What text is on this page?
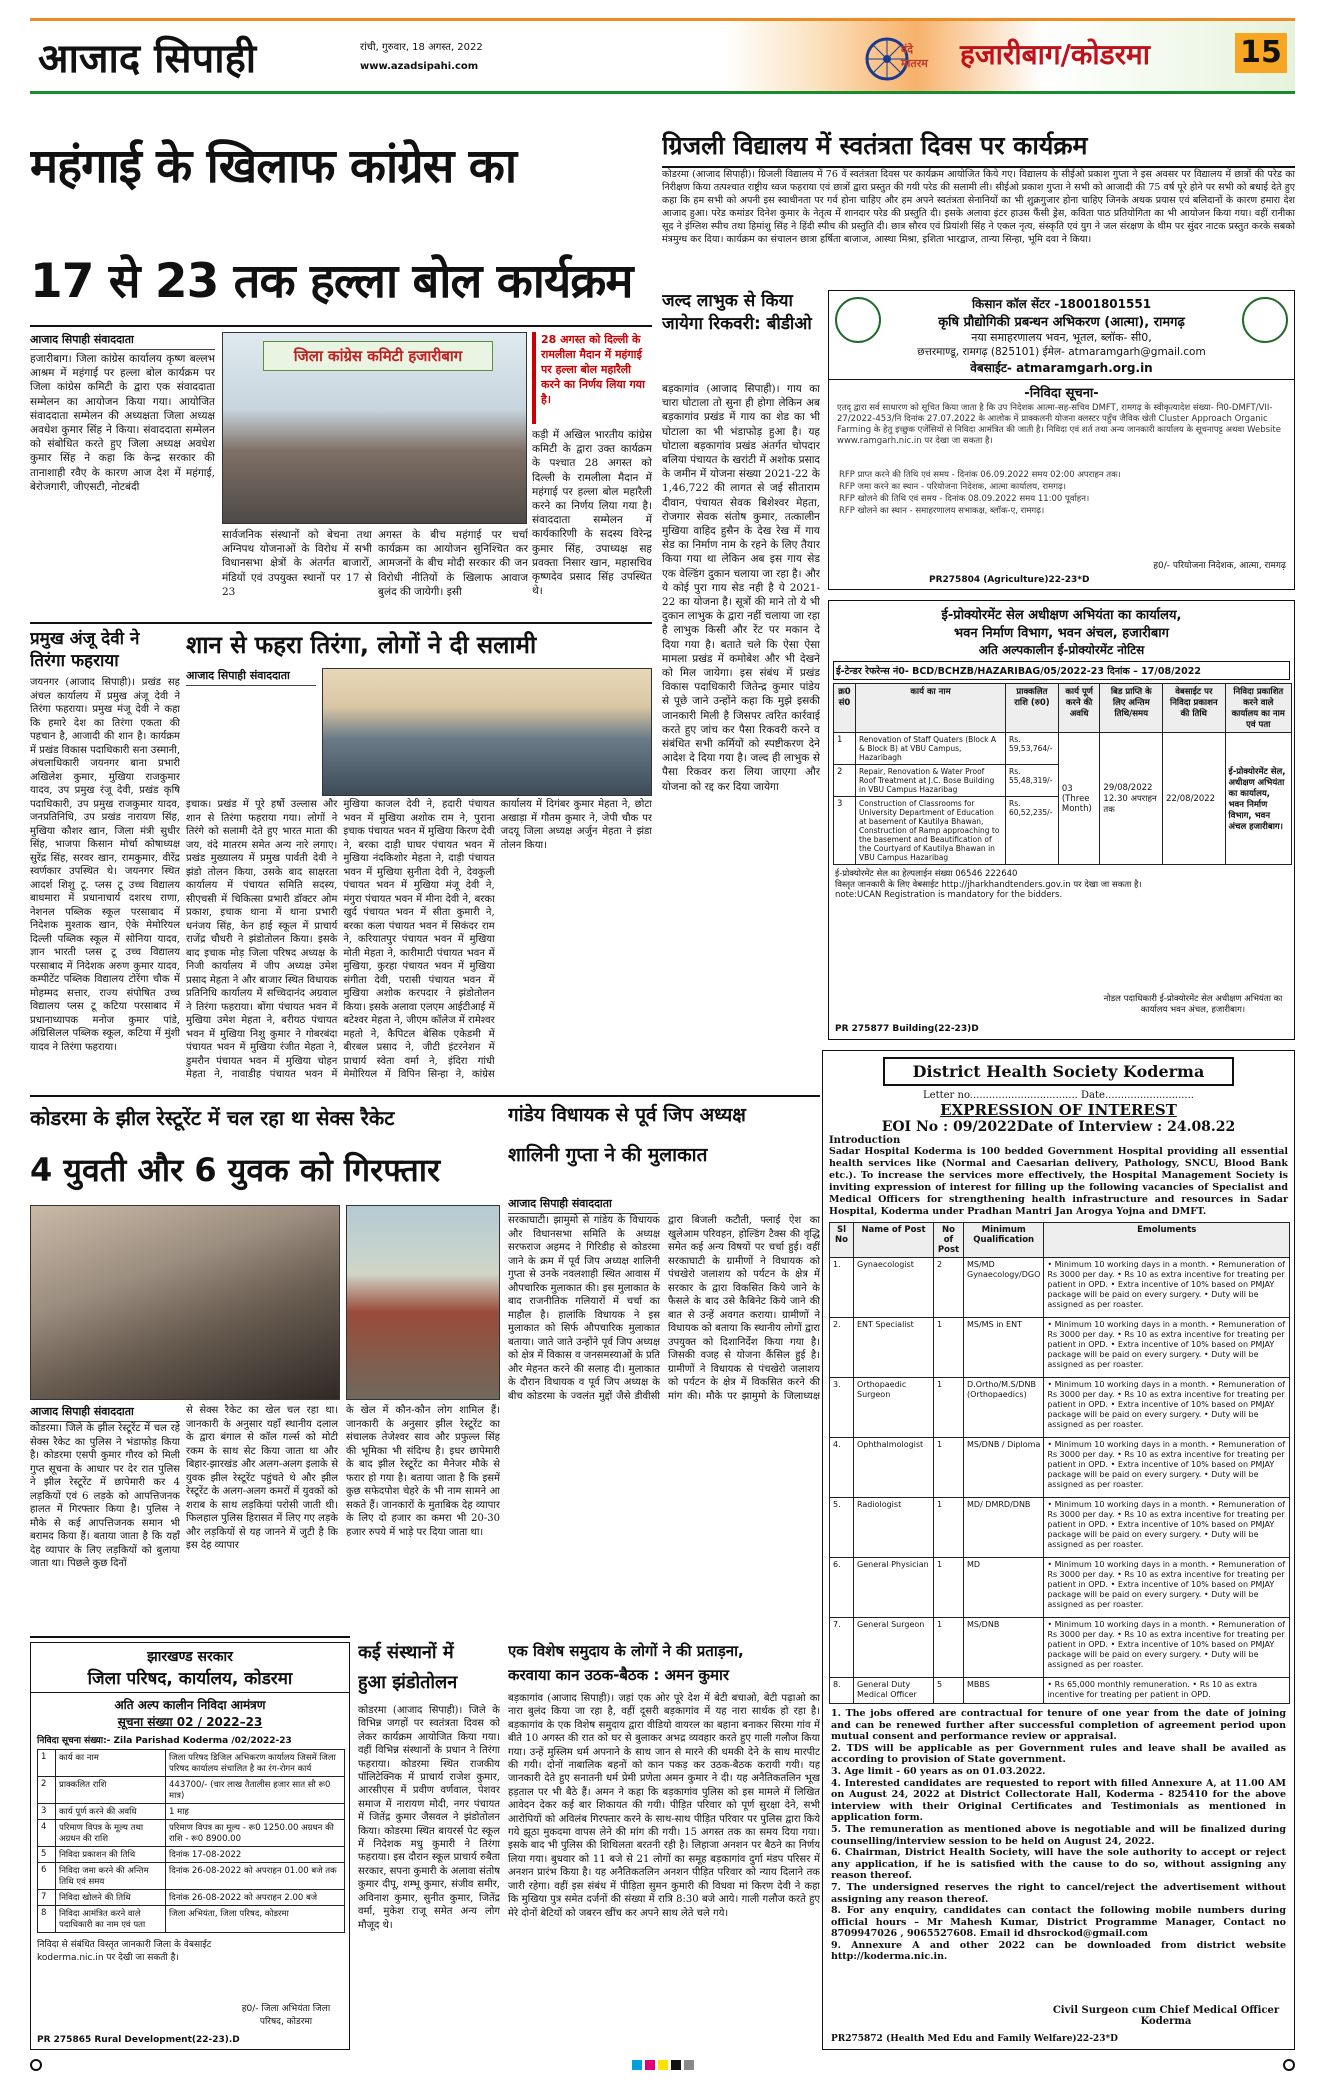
आजाद सिपाही	रांची, गुरुवार, 18 अगस्त, 2022
www.azadsipahi.com
वंदे मातरम	हजारीबाग/कोडरमा	15
महंगाई के खिलाफ कांग्रेस का
17 से 23 तक हल्ला बोल कार्यक्रम
आजाद सिपाही संवाददाता
हजारीबाग। जिला कांग्रेस कार्यालय कृष्ण बल्लभ आश्रम में महंगाई पर हल्ला बोल कार्यक्रम पर जिला कांग्रेस कमिटी के द्वारा एक संवाददाता सम्मेलन का आयोजन किया गया। आयोजित संवाददाता सम्मेलन की अध्यक्षता जिला अध्यक्ष अवधेश कुमार सिंह ने किया। संवाददाता सम्मेलन को संबोधित करते हुए जिला अध्यक्ष अवधेश कुमार सिंह ने कहा कि केन्द्र सरकार की तानाशाही रवैए के कारण आज देश में महंगाई, बेरोजगारी, जीएसटी, नोटबंदी
जिला कांग्रेस कमिटी हजारीबाग
28 अगस्त को दिल्ली के रामलीला मैदान में महंगाई पर हल्ला बोल महारैली करने का निर्णय लिया गया है।
सार्वजनिक संस्थानों को बेचना तथा अग्निपथ योजनाओं के विरोध में सभी विधानसभा क्षेत्रों के अंतर्गत बाजारों, मंडियों एवं उपयुक्त स्थानों पर 17 से 23
अगस्त के बीच महंगाई पर चर्चा कार्यक्रम का आयोजन सुनिश्चित कर आमजनों के बीच मोदी सरकार की जन विरोधी नीतियों के खिलाफ आवाज बुलंद की जायेगी। इसी
कड़ी में अखिल भारतीय कांग्रेस कमिटी के द्वारा उक्त कार्यक्रम के पश्चात 28 अगस्त को दिल्ली के रामलीला मैदान में महंगाई पर हल्ला बोल महारैली करने का निर्णय लिया गया है। संवाददाता सम्मेलन में कार्यकारिणी के सदस्य विरेन्द्र कुमार सिंह, उपाध्यक्ष सह प्रवक्ता निसार खान, महासचिव कृष्णदेव प्रसाद सिंह उपस्थित थे।
ग्रिजली विद्यालय में स्वतंत्रता दिवस पर कार्यक्रम
कोडरमा (आजाद सिपाही)। ग्रिजली विद्यालय में 76 वें स्वतंत्रता दिवस पर कार्यक्रम आयोजित किये गए। विद्यालय के सीईओ प्रकाश गुप्ता ने इस अवसर पर विद्यालय में छात्रों की परेड का निरीक्षण किया तत्पश्चात राष्ट्रीय ध्वज फहराया एवं छात्रों द्वारा प्रस्तुत की गयी परेड की सलामी ली। सीईओ प्रकाश गुप्ता ने सभी को आजादी की 75 वर्ष पूरे होने पर सभी को बधाई देते हुए कहा कि हम सभी को अपनी इस स्वाधीनता पर गर्व होना चाहिए और हम अपने स्वतंत्रता सेनानियों का भी शुक्रगुजार होना चाहिए जिनके अथक प्रयास एवं बलिदानों के कारण हमारा देश आजाद हुआ। परेड कमांडर दिनेश कुमार के नेतृत्व में शानदार परेड की प्रस्तुति दी। इसके अलावा इंटर हाउस फैंसी ड्रेस, कविता पाठ प्रतियोगिता का भी आयोजन किया गया। वहीं रानीका सूद ने इंग्लिश स्पीच तथा हिमांशु सिंह ने हिंदी स्पीच की प्रस्तुति दी। छात्र सौरव एवं प्रियांशी सिंह ने एकल नृत्य, संस्कृति एवं युग ने जल संरक्षण के थीम पर सुंदर नाटक प्रस्तुत करके सबको मंत्रमुग्ध कर दिया। कार्यक्रम का संचालन छात्रा हर्षिता बाजाज, आस्था मिश्रा, इशिता भारद्वाज, तान्या सिन्हा, भूमि दवा ने किया।
जल्द लाभुक से किया जायेगा रिकवरी: बीडीओ
बड़कागांव (आजाद सिपाही)। गाय का चारा घोटाला तो सुना ही होगा लेकिन अब बड़कागांव प्रखंड में गाय का शेड का भी घोटाला का भी भंडाफोड़ हुआ है। यह घोटाला बड़कागांव प्रखंड अंतर्गत चोपदार बलिया पंचायत के खरांटी में अशोक प्रसाद के जमीन में योजना संख्या 2021-22 के 1,46,722 की लागत से जई सीताराम दीवान, पंचायत सेवक बिशेश्वर मेहता, रोजगार सेवक संतोष कुमार, तत्कालीन मुखिया वाहिद हुसैन के देख रेख में गाय सेड का निर्माण नाम के रहने के लिए तैयार किया गया था लेकिन अब इस गाय सेड एक वेल्डिंग दुकान चलाया जा रहा है। और ये कोई पुरा गाय सेड नही है ये 2021-22 का योजना है। सूत्रों की माने तो ये भी दुकान लाभुक के द्वारा नहीं चलाया जा रहा है लाभुक किसी और रेंट पर मकान दे दिया गया है। बताते चले कि ऐसा ऐसा मामला प्रखंड में कमोबेश और भी देखने को मिल जायेगा। इस संबंध में प्रखंड विकास पदाधिकारी जितेन्द्र कुमार पांडेय से पूछे जाने उन्होंने कहा कि मुझे इसकी जानकारी मिली है जिसपर त्वरित कार्रवाई करते हुए जांच कर पैसा रिकवरी करने व संबंधित सभी कर्मियों को स्पष्टीकरण देने आदेश दे दिया गया है। जल्द ही लाभुक से पैसा रिकवर करा लिया जाएगा और योजना को रद्द कर दिया जायेगा
किसान कॉल सेंटर -18001801551
कृषि प्रौद्योगिकी प्रबन्धन अभिकरण (आत्मा), रामगढ़
नया समाहरणालय भवन, भूतल, ब्लॉक- सी0,
छत्तरमाण्डू, रामगढ़ (825101) ईमेल- atmaramgarh@gmail.com
वेबसाईट- atmaramgarh.org.in
-निविदा सूचना-
एतद् द्वारा सर्व साधारण को सूचित किया जाता है कि उप निदेशक आत्मा-सह-सचिव DMFT, रामगढ़ के स्वीकृत्यादेश संख्या- नि0-DMFT/VII-27/2022-453/नि दिनांक 27.07.2022 के आलोक में प्राक्कलनी योजना क्लस्टर पहुँच जैविक खेती Cluster Approach Organic Farming के हेतु इच्छुक एजेंसियों से निविदा आमंत्रित की जाती है। निविदा एवं शर्त तथा अन्य जानकारी कार्यालय के सूचनापट्ट अथवा Website www.ramgarh.nic.in पर देखा जा सकता है।
RFP प्राप्त करने की तिथि एवं समय - दिनांक 06.09.2022 समय 02:00 अपराहन तक।
RFP जमा करने का स्थान - परियोजना निदेशक, आत्मा कार्यालय, रामगढ़।
RFP खोलने की तिथि एवं समय - दिनांक 08.09.2022 समय 11:00 पूर्वाहन।
RFP खोलने का स्थान - समाहरणालय सभाकक्ष, ब्लॉक-ए, रामगढ़।
ह0/- परियोजना निदेशक, आत्मा, रामगढ़
PR275804 (Agriculture)22-23*D
प्रमुख अंजू देवी ने तिरंगा फहराया
जयनगर (आजाद सिपाही)। प्रखंड सह अंचल कार्यालय में प्रमुख अंजू देवी ने तिरंगा फहराया। प्रमुख मंजू देवी ने कहा कि हमारे देश का तिरंगा एकता की पहचान है, आजादी की शान है। कार्यक्रम में प्रखंड विकास पदाधिकारी सना उस्मानी, अंचलाधिकारी जयनगर बाना प्रभारी अखिलेश कुमार, मुखिया राजकुमार यादव, उप प्रमुख रंजू देवी, प्रखंड कृषि पदाधिकारी, उप प्रमुख राजकुमार यादव, जनप्रतिनिधि, उप प्रखंड नारायण सिंह, मुखिया कौशर खान, जिला मंत्री सुधीर सिंह, भाजपा किसान मोर्चा कोषाध्यक्ष सुरेंद्र सिंह, सरवर खान, रामकुमार, वीरेंद्र स्वर्णकार उपस्थित थे। जयनगर स्थित आदर्श शिशु टू. प्लस टू उच्च विद्यालय बाधमारा में प्रधानाचार्य दशरथ राणा, नेशनल पब्लिक स्कूल परसाबाद में निदेशक मुश्ताक खान, ऐके मेमोरियल दिल्ली पब्लिक स्कूल में सोनिया यादव, ज्ञान भारती प्लस टू उच्च विद्यालय परसाबाद में निदेशक अरुण कुमार यादव, कम्पीटेंट पब्लिक विद्यालय टोरेंगा चौक में मोहम्मद सत्तार, राज्य संपोषित उच्च विद्यालय प्लस टू कटिया परसाबाद में प्रधानाध्यापक मनोज कुमार पांडे, अंग्रिसिलल पब्लिक स्कूल, कटिया में मुंशी यादव ने तिरंगा फहराया।
शान से फहरा तिरंगा, लोगों ने दी सलामी
आजाद सिपाही संवाददाता
इचाक। प्रखंड में पूरे हर्षो उल्लास और शान से तिरंगा फहराया गया। लोगों ने तिरंगे को सलामी देते हुए भारत माता की जय, वंदे मातरम समेत अन्य नारे लगाए। प्रखंड मुख्यालय में प्रमुख पार्वती देवी ने झंडो तोलन किया, उसके बाद साक्षरता कार्यालय में पंचायत समिति सदस्य, सीएचसी में चिकित्सा प्रभारी डॉक्टर ओम प्रकाश, इचाक थाना में थाना प्रभारी धनंजय सिंह, केन हाई स्कूल में प्राचार्य राजेंद्र चौधरी ने झंडोतोलन किया। इसके बाद इचाक मोड़ जिला परिषद अध्यक्ष के निजी कार्यालय में जीप अध्यक्ष उमेश प्रसाद मेहता ने और बाजार स्थित विधायक प्रतिनिधि कार्यालय में सच्चिदानंद अग्रवाल ने तिरंगा फहराया। बोंगा पंचायत भवन में मुखिया उमेश मेहता ने, बरीयठ पंचायत भवन में मुखिया निशु कुमार ने गोबरबंदा पंचायत भवन में मुखिया रंजीत मेहता ने, डुमरौन पंचायत भवन में मुखिया चोहन मेहता ने, नावाडीह पंचायत भवन में मुखिया काजल देवी ने, हदारी पंचायत भवन में मुखिया अशोक राम ने, पुराना इचाक पंचायत भवन में मुखिया किरण देवी ने, बरका दाड़ी घाघर पंचायत भवन में मुखिया नंदकिशोर मेहता ने, दाड़ी पंचायत भवन में मुखिया सुनीता देवी ने, देवकुली पंचायत भवन में मुखिया मंजू देवी ने, मंगुरा पंचायत भवन में मीना देवी ने, बरका खुर्द पंचायत भवन में सीता कुमारी ने, बरका कला पंचायत भवन में सिकंदर राम ने, करियातपुर पंचायत भवन में मुखिया मोती मेहता ने, कारीमाटी पंचायत भवन में मुखिया, कुरहा पंचायत भवन में मुखिया संगीता देवी, परासी पंचायत भवन में मुखिया अशोक करपदार ने झंडोतोलन किया। इसके अलावा एलएम आईटीआई में बटेश्वर मेहता ने, जीएम कॉलेज में रामेश्वर महतो ने, कैपिटल बेसिक एकेडमी में बीरबल प्रसाद ने, जीटी इंटरनेशन में प्राचार्य स्वेता वर्मा ने, इंदिरा गांधी मेमोरियल में विपिन सिन्हा ने, कांग्रेस कार्यालय में दिगंबर कुमार मेहता ने, छोटा अखाड़ा में गौतम कुमार ने, जेपी चौक पर जदयू जिला अध्यक्ष अर्जुन मेहता ने झंडा तोलन किया।
ई-प्रोक्योरमेंट सेल अधीक्षण अभियंता का कार्यालय,
भवन निर्माण विभाग, भवन अंचल, हजारीबाग
अति अल्पकालीन ई-प्रोक्योरमेंट नोटिस
ई-टेन्डर रेफरेन्स नं0- BCD/BCHZB/HAZARIBAG/05/2022-23 दिनांक – 17/08/2022
क्र0 सं0	कार्य का नाम	प्राक्कलित राशि (रु0)	कार्य पूर्ण करने की अवधि	बिड प्राप्ति के लिए अन्तिम तिथि/समय	वेबसाईट पर निविदा प्रकाशन की तिथि	निविदा प्रकाशित करने वाले कार्यालय का नाम एवं पता
1	Renovation of Staff Quaters (Block A & Block B) at VBU Campus, Hazaribagh	Rs. 59,53,764/-	03 (Three Month)	29/08/2022 12.30 अपराहन तक	22/08/2022	ई-प्रोक्योरमेंट सेल, अधीक्षण अभियंता का कार्यालय, भवन निर्माण विभाग, भवन अंचल हजारीबाग।
2	Repair, Renovation & Water Proof Roof Treatment at J.C. Bose Building in VBU Campus Hazaribag	Rs. 55,48,319/-				
3	Construction of Classrooms for University Department of Education at basement of Kautilya Bhawan, Construction of Ramp approaching to the basement and Beautification of the Courtyard of Kautilya Bhawan in VBU Campus Hazaribag	Rs. 60,52,235/-				
ई-प्रोक्योरमेंट सेल का हेल्पलाईन संख्या 06546 222640
विस्तृत जानकारी के लिए वेबसाईट http://jharkhandtenders.gov.in पर देखा जा सकता है।
note:UCAN Registration is mandatory for the bidders.
नोडल पदाधिकारी ई-प्रोक्योरमेंट सेल अधीक्षण अभियंता का कार्यालय भवन अंचल, हजारीबाग।
PR 275877 Building(22-23)D
District Health Society Koderma
Letter no.................................. Date............................
EXPRESSION OF INTEREST
EOI No : 09/2022Date of Interview : 24.08.22
Introduction
Sadar Hospital Koderma is 100 bedded Government Hospital providing all essential health services like (Normal and Caesarian delivery, Pathology, SNCU, Blood Bank etc.). To increase the services more effectively, the Hospital Management Society is inviting expression of interest for filling up the following vacancies of Specialist and Medical Officers for strengthening health infrastructure and resources in Sadar Hospital, Koderma under Pradhan Mantri Jan Arogya Yojna and DMFT.
Sl No	Name of Post	No of Post	Minimum Qualification	Emoluments
1.	Gynaecologist	2	MS/MD Gynaecology/DGO	• Minimum 10 working days in a month. • Remuneration of Rs 3000 per day. • Rs 10 as extra incentive for treating per patient in OPD. • Extra incentive of 10% based on PMJAY package will be paid on every surgery. • Duty will be assigned as per roaster.
2.	ENT Specialist	1	MS/MS in ENT	• Minimum 10 working days in a month. • Remuneration of Rs 3000 per day. • Rs 10 as extra incentive for treating per patient in OPD. • Extra incentive of 10% based on PMJAY package will be paid on every surgery. • Duty will be assigned as per roaster.
3.	Orthopaedic Surgeon	1	D.Ortho/M.S/DNB (Orthopaedics)	• Minimum 10 working days in a month. • Remuneration of Rs 3000 per day. • Rs 10 as extra incentive for treating per patient in OPD. • Extra incentive of 10% based on PMJAY package will be paid on every surgery. • Duty will be assigned as per roaster.
4.	Ophthalmologist	1	MS/DNB / Diploma	• Minimum 10 working days in a month. • Remuneration of Rs 3000 per day. • Rs 10 as extra incentive for treating per patient in OPD. • Extra incentive of 10% based on PMJAY package will be paid on every surgery. • Duty will be assigned as per roaster.
5.	Radiologist	1	MD/ DMRD/DNB	• Minimum 10 working days in a month. • Remuneration of Rs 3000 per day. • Rs 10 as extra incentive for treating per patient in OPD. • Extra incentive of 10% based on PMJAY package will be paid on every surgery. • Duty will be assigned as per roaster.
6.	General Physician	1	MD	• Minimum 10 working days in a month. • Remuneration of Rs 3000 per day. • Rs 10 as extra incentive for treating per patient in OPD. • Extra incentive of 10% based on PMJAY package will be paid on every surgery. • Duty will be assigned as per roaster.
7.	General Surgeon	1	MS/DNB	• Minimum 10 working days in a month. • Remuneration of Rs 3000 per day. • Rs 10 as extra incentive for treating per patient in OPD. • Extra incentive of 10% based on PMJAY package will be paid on every surgery. • Duty will be assigned as per roaster.
8.	General Duty Medical Officer	5	MBBS	• Rs 65,000 monthly remuneration. • Rs 10 as extra incentive for treating per patient in OPD.
1. The jobs offered are contractual for tenure of one year from the date of joining and can be renewed further after successful completion of agreement period upon mutual consent and performance review or appraisal.
2. TDS will be applicable as per Government rules and leave shall be availed as according to provision of State government.
3. Age limit - 60 years as on 01.03.2022.
4. Interested candidates are requested to report with filled Annexure A, at 11.00 AM on August 24, 2022 at District Collectorate Hall, Koderma - 825410 for the above interview with their Original Certificates and Testimonials as mentioned in application form.
5. The remuneration as mentioned above is negotiable and will be finalized during counselling/interview session to be held on August 24, 2022.
6. Chairman, District Health Society, will have the sole authority to accept or reject any application, if he is satisfied with the cause to do so, without assigning any reason thereof.
7. The undersigned reserves the right to cancel/reject the advertisement without assigning any reason thereof.
8. For any enquiry, candidates can contact the following mobile numbers during official hours – Mr Mahesh Kumar, District Programme Manager, Contact no 8709947026 , 9065527608. Email id dhsrockod@gmail.com
9. Annexure A and other 2022 can be downloaded from district website http://koderma.nic.in.
Civil Surgeon cum Chief Medical Officer Koderma
PR275872 (Health Med Edu and Family Welfare)22-23*D
कोडरमा के झील रेस्टूरेंट में चल रहा था सेक्स रैकेट
4 युवती और 6 युवक को गिरफ्तार
आजाद सिपाही संवाददाता
कोडरमा। जिले के झील रेस्टूरेंट में चल रहे सेक्स रैकेट का पुलिस ने भंडाफोड़ किया है। कोडरमा एसपी कुमार गौरव को मिली गुप्त सूचना के आधार पर देर रात पुलिस ने झील रेस्टूरेंट में छापेमारी कर 4 लड़कियों एवं 6 लड़के को आपत्तिजनक हालत में गिरफ्तार किया है। पुलिस ने मौके से कई आपत्तिजनक समान भी बरामद किया हैं। बताया जाता है कि यहाँ देह व्यापार के लिए लड़कियों को बुलाया जाता था। पिछले कुछ दिनों
से सेक्स रैकेट का खेल चल रहा था। जानकारी के अनुसार यहाँ स्थानीय दलाल के द्वारा बंगाल से कॉल गर्ल्स को मोटी रकम के साथ सेट किया जाता था और बिहार-झारखंड और अलग-अलग इलाके से युवक झील रेस्टूरेंट पहुंचते थे और झील रेस्टूरेंट के अलग-अलग कमरों में युवकों को शराब के साथ लड़कियां परोसी जाती थी। फिलहाल पुलिस हिरासत में लिए गए लड़के और लड़कियों से यह जानने में जुटी है कि इस देह व्यापार
के खेल में कौन-कौन लोग शामिल हैं। जानकारी के अनुसार झील रेस्टूरेंट का संचालक तेजेश्वर साव और प्रफुल्ल सिंह की भूमिका भी संदिग्ध है। इधर छापेमारी के बाद झील रेस्टूरेंट का मैनेजर मौके से फरार हो गया है। बताया जाता है कि इसमें कुछ सफेदपोश चेहरे के भी नाम सामने आ सकते हैं। जानकारों के मुताबिक देह व्यापार के लिए दो हजार का कमरा भी 20-30 हजार रुपये में भाड़े पर दिया जाता था।
गांडेय विधायक से पूर्व जिप अध्यक्ष
शालिनी गुप्ता ने की मुलाकात
आजाद सिपाही संवाददाता
सरकाघाटी। झामुमो से गांडेय के विधायक और विधानसभा समिति के अध्यक्ष सरफराज अहमद ने गिरिडीह से कोडरमा जाने के क्रम में पूर्व जिप अध्यक्ष शालिनी गुप्ता से उनके नवलशाही स्थित आवास में औपचारिक मुलाकात की। इस मुलाकात के बाद राजनीतिक गलियारों में चर्चा का माहौल है। हालांकि विधायक ने इस मुलाकात को सिर्फ औपचारिक मुलाकात बताया। जाते जाते उन्होंने पूर्व जिप अध्यक्ष को क्षेत्र में विकास व जनसमस्याओं के प्रति और मेहनत करने की सलाह दी। मुलाकात के दौरान विधायक व पूर्व जिप अध्यक्ष के बीच कोडरमा के ज्वलंत मुद्दों जैसे डीवीसी द्वारा बिजली कटौती, फ्लाई ऐश का खुलेआम परिवहन, होल्डिंग टैक्स की वृद्धि समेत कई अन्य विषयों पर चर्चा हुई। वहीं सरकाघाटी के ग्रामीणों ने विधायक को पंचखेरो जलाशय को पर्यटन के क्षेत्र में सरकार के द्वारा विकसित किये जाने के फैसले के बाद उसे कैबिनेट किये जाने की बात से उन्हें अवगत कराया। ग्रामीणों ने विधायक को बताया कि स्थानीय लोगों द्वारा उपयुक्त को दिशानिर्देश किया गया है। जिसकी वजह से योजना कैंसिल हुई है। ग्रामीणों ने विधायक से पंचखेरो जलाशय को पर्यटन के क्षेत्र में विकसित करने की मांग की। मौके पर झामुमो के जिलाध्यक्ष
झारखण्ड सरकार
जिला परिषद, कार्यालय, कोडरमा
अति अल्प कालीन निविदा आमंत्रण
सूचना संख्या 02 / 2022–23
निविदा सूचना संख्या:- Zila Parishad Koderma /02/2022-23
1	कार्य का नाम	जिला परिषद डिजिल अभिकरण कार्यालय जिसमें जिला परिषद कार्यालय संचालित है का रंग-रोगन कार्य
2	प्राक्कलित राशि	443700/- (चार लाख तैतालीस हजार सात सौ रू0 मात्र)
3	कार्य पूर्ण करने की अवधि	1 माह
4	परिमाण विपत्र के मूल्य तथा अग्रधन की राशि	परिमाण विपत्र का मूल्य - रू0 1250.00 अग्रधन की राशि - रू0 8900.00
5	निविदा प्रकाशन की तिथि	दिनांक 17-08-2022
6	निविदा जमा करने की अन्तिम तिथि एवं समय	दिनांक 26-08-2022 को अपराहन 01.00 बजे तक
7	निविदा खोलने की तिथि	दिनांक 26-08-2022 को अपराहन 2.00 बजे
8	निविदा आमंत्रित करने वाले पदाधिकारी का नाम एवं पता	जिला अभियंता, जिला परिषद, कोडरमा
निविदा से संबंधित विस्तृत जानकारी जिला के वेबसाईट koderma.nic.in पर देखी जा सकती है।
ह0/- जिला अभियंता जिला परिषद, कोडरमा
PR 275865 Rural Development(22-23).D
कई संस्थानों में
हुआ झंडोतोलन
कोडरमा (आजाद सिपाही)। जिले के विभिन्न जगहों पर स्वतंत्रता दिवस को लेकर कार्यक्रम आयोजित किया गया। वहीं विभिन्न संस्थानों के प्रधान ने तिरंगा फहराया। कोडरमा स्थित राजकीय पॉलिटेक्निक में प्राचार्य राजेश कुमार, आरसीएस में प्रवीण वर्णवाल, पेशवर समाज में नारायण मोदी, नगर पंचायत में जितेंद्र कुमार जैसवल ने झंडोतोलन किया। कोडरमा स्थित बायरर्स पेट स्कूल में निदेशक मधु कुमारी ने तिरंगा फहराया। इस दौरान स्कूल प्राचार्य रुबैता सरकार, सपना कुमारी के अलावा संतोष कुमार दीपू, शम्भू कुमार, संजीव समीर, अविनाश कुमार, सुनीत कुमार, जितेंद्र वर्मा, मुकेश राजू समेत अन्य लोग मौजूद थे।
एक विशेष समुदाय के लोगों ने की प्रताड़ना,
करवाया कान उठक-बैठक : अमन कुमार
बड़कागांव (आजाद सिपाही)। जहां एक ओर पूरे देश में बेटी बचाओ, बेटी पढ़ाओ का नारा बुलंद किया जा रहा है, वहीं दूसरी बड़कागांव में यह नारा सार्थक हो रहा है। बड़कागांव के एक विशेष समुदाय द्वारा वीडियो वायरल का बहाना बनाकर सिरमा गांव में बीते 10 अगस्त की रात को घर से बुलाकर अभद्र व्यवहार करते हुए गाली गलौज किया गया। उन्हें मुस्लिम धर्म अपनाने के साथ जान से मारने की धमकी देने के साथ मारपीट की गयी। दोनों नाबालिक बहनों को कान पकड़ कर उठक-बैठक करायी गयी। यह जानकारी देते हुए सनातनी धर्म प्रेमी प्रणेता अमन कुमार ने दी। यह अनैतिकतलिन भूख हड़ताल पर भी बैठे हैं। अमन ने कहा कि बड़कागांव पुलिस को इस मामले में लिखित आवेदन देकर कई बार शिकायत की गयी। पीड़ित परिवार को पूर्ण सुरक्षा देने, सभी आरोपियों को अविलंब गिरफ्तार करने के साथ-साथ पीड़ित परिवार पर पुलिस द्वारा किये गये झूठा मुकदमा वापस लेने की मांग की गयी। 15 अगस्त तक का समय दिया गया। इसके बाद भी पुलिस की शिथिलता बरतनी रही है। लिहाजा अनशन पर बैठने का निर्णय लिया गया। बुधवार को 11 बजे से 21 लोगों का समूह बड़कागांव दुर्गा मंडप परिसर में अनशन प्रारंभ किया है। यह अनैतिकतलिन अनशन पीड़ित परिवार को न्याय दिलाने तक जारी रहेगा। वहीं इस संबंध में पीड़िता सुमन कुमारी की विधवा मां किरण देवी ने कहा कि मुखिया पुत्र समेत दर्जनों की संख्या में रात्रि 8:30 बजे आये। गाली गलौज करते हुए मेरे दोनों बेटियों को जबरन खींच कर अपने साथ लेते चले गये।
